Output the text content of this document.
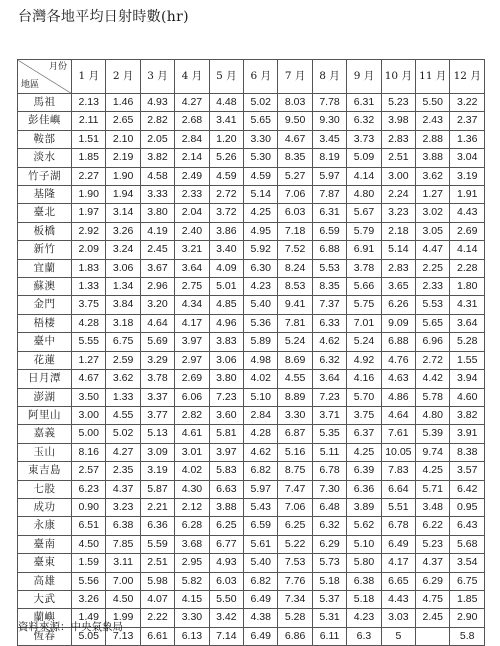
台灣各地平均日射時數(hr)
月份
地區	1 月	2 月	3 月	4 月	5 月	6 月	7 月	8 月	9 月	10 月	11 月	12 月
馬祖	2.13	1.46	4.93	4.27	4.48	5.02	8.03	7.78	6.31	5.23	5.50	3.22
彭佳嶼	2.11	2.65	2.82	2.68	3.41	5.65	9.50	9.30	6.32	3.98	2.43	2.37
鞍部	1.51	2.10	2.05	2.84	1.20	3.30	4.67	3.45	3.73	2.83	2.88	1.36
淡水	1.85	2.19	3.82	2.14	5.26	5.30	8.35	8.19	5.09	2.51	3.88	3.04
竹子湖	2.27	1.90	4.58	2.49	4.59	4.59	5.27	5.97	4.14	3.00	3.62	3.19
基隆	1.90	1.94	3.33	2.33	2.72	5.14	7.06	7.87	4.80	2.24	1.27	1.91
臺北	1.97	3.14	3.80	2.04	3.72	4.25	6.03	6.31	5.67	3.23	3.02	4.43
板橋	2.92	3.26	4.19	2.40	3.86	4.95	7.18	6.59	5.79	2.18	3.05	2.69
新竹	2.09	3.24	2.45	3.21	3.40	5.92	7.52	6.88	6.91	5.14	4.47	4.14
宜蘭	1.83	3.06	3.67	3.64	4.09	6.30	8.24	5.53	3.78	2.83	2.25	2.28
蘇澳	1.33	1.34	2.96	2.75	5.01	4.23	8.53	8.35	5.66	3.65	2.33	1.80
金門	3.75	3.84	3.20	4.34	4.85	5.40	9.41	7.37	5.75	6.26	5.53	4.31
梧棲	4.28	3.18	4.64	4.17	4.96	5.36	7.81	6.33	7.01	9.09	5.65	3.64
臺中	5.55	6.75	5.69	3.97	3.83	5.89	5.24	4.62	5.24	6.88	6.96	5.28
花蓮	1.27	2.59	3.29	2.97	3.06	4.98	8.69	6.32	4.92	4.76	2.72	1.55
日月潭	4.67	3.62	3.78	2.69	3.80	4.02	4.55	3.64	4.16	4.63	4.42	3.94
澎湖	3.50	1.33	3.37	6.06	7.23	5.10	8.89	7.23	5.70	4.86	5.78	4.60
阿里山	3.00	4.55	3.77	2.82	3.60	2.84	3.30	3.71	3.75	4.64	4.80	3.82
嘉義	5.00	5.02	5.13	4.61	5.81	4.28	6.87	5.35	6.37	7.61	5.39	3.91
玉山	8.16	4.27	3.09	3.01	3.97	4.62	5.16	5.11	4.25	10.05	9.74	8.38
東吉島	2.57	2.35	3.19	4.02	5.83	6.82	8.75	6.78	6.39	7.83	4.25	3.57
七股	6.23	4.37	5.87	4.30	6.63	5.97	7.47	7.30	6.36	6.64	5.71	6.42
成功	0.90	3.23	2.21	2.12	3.88	5.43	7.06	6.48	3.89	5.51	3.48	0.95
永康	6.51	6.38	6.36	6.28	6.25	6.59	6.25	6.32	5.62	6.78	6.22	6.43
臺南	4.50	7.85	5.59	3.68	6.77	5.61	5.22	6.29	5.10	6.49	5.23	5.68
臺東	1.59	3.11	2.51	2.95	4.93	5.40	7.53	5.73	5.80	4.17	4.37	3.54
高雄	5.56	7.00	5.98	5.82	6.03	6.82	7.76	5.18	6.38	6.65	6.29	6.75
大武	3.26	4.50	4.07	4.15	5.50	6.49	7.34	5.37	5.18	4.43	4.75	1.85
蘭嶼	1.49	1.99	2.22	3.30	3.42	4.38	5.28	5.31	4.23	3.03	2.45	2.90
恆春	5.05	7.13	6.61	6.13	7.14	6.49	6.86	6.11	6.3	5		5.8
資料來源：中央氣象局
